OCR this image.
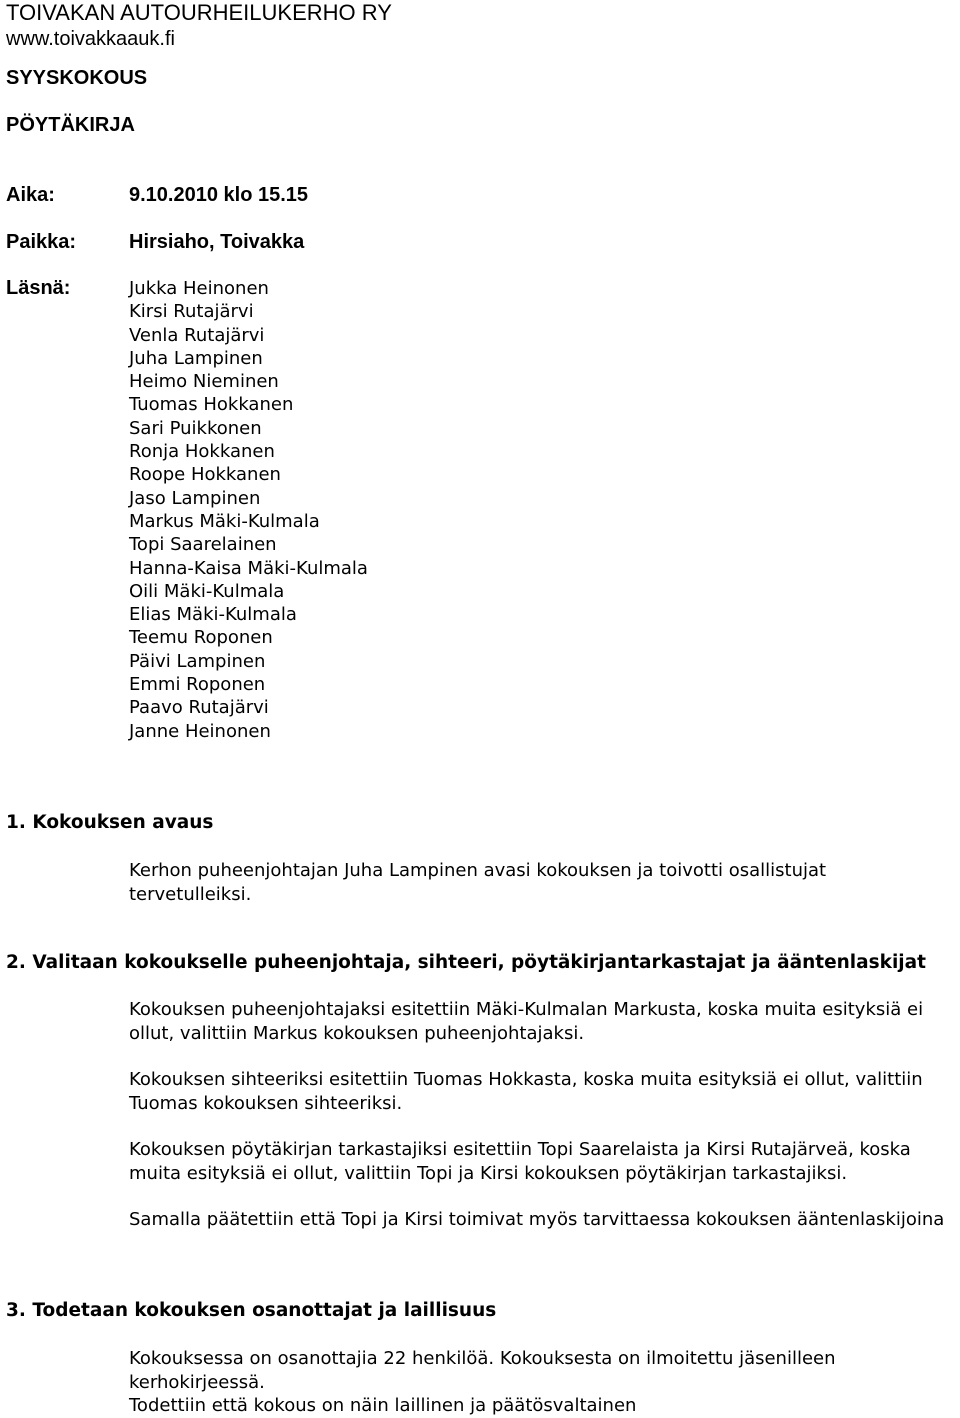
TOIVAKAN AUTOURHEILUKERHO RY
www.toivakkaauk.fi
SYYSKOKOUS
PÖYTÄKIRJA
Aika:	9.10.2010 klo 15.15
Paikka:	Hirsiaho, Toivakka
Läsnä:	Jukka Heinonen
Kirsi Rutajärvi
Venla Rutajärvi
Juha Lampinen
Heimo Nieminen
Tuomas Hokkanen
Sari Puikkonen
Ronja Hokkanen
Roope Hokkanen
Jaso Lampinen
Markus Mäki-Kulmala
Topi Saarelainen
Hanna-Kaisa Mäki-Kulmala
Oili Mäki-Kulmala
Elias Mäki-Kulmala
Teemu Roponen
Päivi Lampinen
Emmi Roponen
Paavo Rutajärvi
Janne Heinonen
1. Kokouksen avaus
Kerhon puheenjohtajan Juha Lampinen avasi kokouksen ja toivotti osallistujat tervetulleiksi.
2. Valitaan kokoukselle puheenjohtaja, sihteeri, pöytäkirjantarkastajat ja ääntenlaskijat
Kokouksen puheenjohtajaksi esitettiin Mäki-Kulmalan Markusta, koska muita esityksiä ei ollut, valittiin Markus kokouksen puheenjohtajaksi.
Kokouksen sihteeriksi esitettiin Tuomas Hokkasta, koska muita esityksiä ei ollut, valittiin Tuomas kokouksen sihteeriksi.
Kokouksen pöytäkirjan tarkastajiksi esitettiin Topi Saarelaista ja Kirsi Rutajärveä, koska muita esityksiä ei ollut, valittiin Topi ja Kirsi kokouksen pöytäkirjan tarkastajiksi.
Samalla päätettiin että Topi ja Kirsi toimivat myös tarvittaessa kokouksen ääntenlaskijoina
3. Todetaan kokouksen osanottajat ja laillisuus
Kokouksessa on osanottajia 22 henkilöä. Kokouksesta on ilmoitettu jäsenilleen kerhokirjeessä.
Todettiin että kokous on näin laillinen ja päätösvaltainen
